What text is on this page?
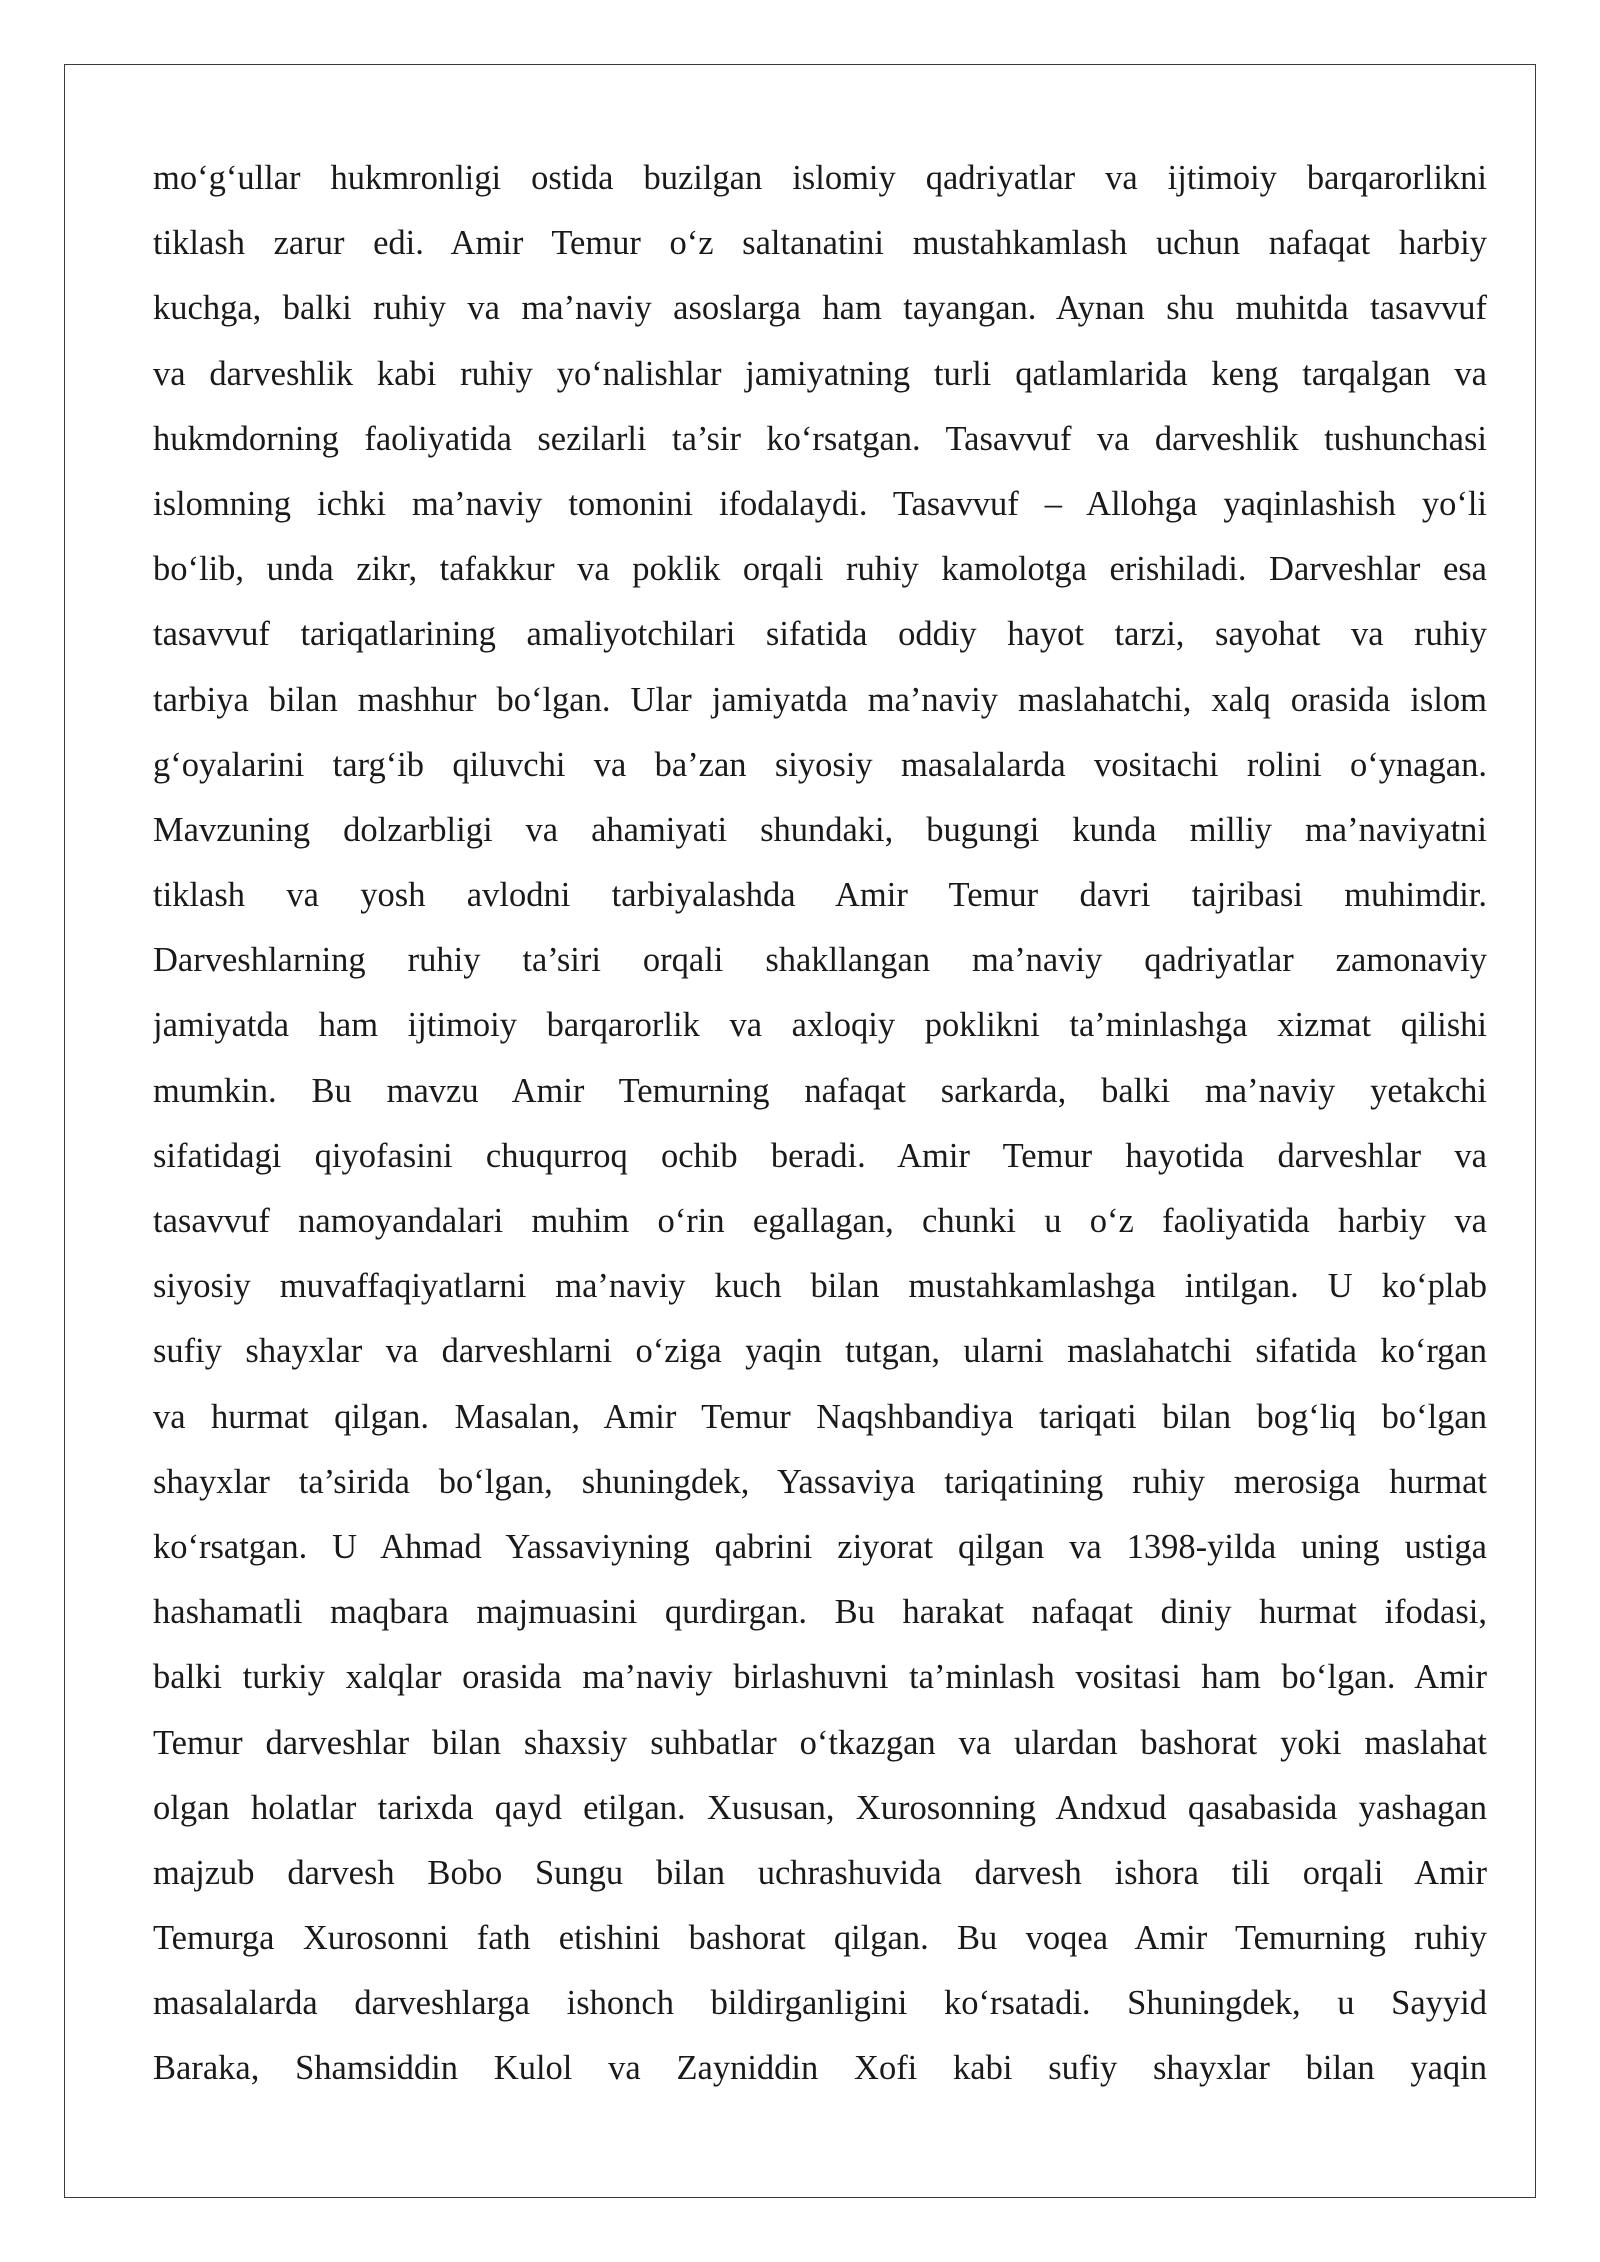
mo‘g‘ullar hukmronligi ostida buzilgan islomiy qadriyatlar va ijtimoiy barqarorlikni
tiklash zarur edi. Amir Temur o‘z saltanatini mustahkamlash uchun nafaqat harbiy
kuchga, balki ruhiy va ma’naviy asoslarga ham tayangan. Aynan shu muhitda tasavvuf
va darveshlik kabi ruhiy yo‘nalishlar jamiyatning turli qatlamlarida keng tarqalgan va
hukmdorning faoliyatida sezilarli ta’sir ko‘rsatgan. Tasavvuf va darveshlik tushunchasi
islomning ichki ma’naviy tomonini ifodalaydi. Tasavvuf – Allohga yaqinlashish yo‘li
bo‘lib, unda zikr, tafakkur va poklik orqali ruhiy kamolotga erishiladi. Darveshlar esa
tasavvuf tariqatlarining amaliyotchilari sifatida oddiy hayot tarzi, sayohat va ruhiy
tarbiya bilan mashhur bo‘lgan. Ular jamiyatda ma’naviy maslahatchi, xalq orasida islom
g‘oyalarini targ‘ib qiluvchi va ba’zan siyosiy masalalarda vositachi rolini o‘ynagan.
Mavzuning dolzarbligi va ahamiyati shundaki, bugungi kunda milliy ma’naviyatni
tiklash va yosh avlodni tarbiyalashda Amir Temur davri tajribasi muhimdir.
Darveshlarning ruhiy ta’siri orqali shakllangan ma’naviy qadriyatlar zamonaviy
jamiyatda ham ijtimoiy barqarorlik va axloqiy poklikni ta’minlashga xizmat qilishi
mumkin. Bu mavzu Amir Temurning nafaqat sarkarda, balki ma’naviy yetakchi
sifatidagi qiyofasini chuqurroq ochib beradi. Amir Temur hayotida darveshlar va
tasavvuf namoyandalari muhim o‘rin egallagan, chunki u o‘z faoliyatida harbiy va
siyosiy muvaffaqiyatlarni ma’naviy kuch bilan mustahkamlashga intilgan. U ko‘plab
sufiy shayxlar va darveshlarni o‘ziga yaqin tutgan, ularni maslahatchi sifatida ko‘rgan
va hurmat qilgan. Masalan, Amir Temur Naqshbandiya tariqati bilan bog‘liq bo‘lgan
shayxlar ta’sirida bo‘lgan, shuningdek, Yassaviya tariqatining ruhiy merosiga hurmat
ko‘rsatgan. U Ahmad Yassaviyning qabrini ziyorat qilgan va 1398-yilda uning ustiga
hashamatli maqbara majmuasini qurdirgan. Bu harakat nafaqat diniy hurmat ifodasi,
balki turkiy xalqlar orasida ma’naviy birlashuvni ta’minlash vositasi ham bo‘lgan. Amir
Temur darveshlar bilan shaxsiy suhbatlar o‘tkazgan va ulardan bashorat yoki maslahat
olgan holatlar tarixda qayd etilgan. Xususan, Xurosonning Andxud qasabasida yashagan
majzub darvesh Bobo Sungu bilan uchrashuvida darvesh ishora tili orqali Amir
Temurga Xurosonni fath etishini bashorat qilgan. Bu voqea Amir Temurning ruhiy
masalalarda darveshlarga ishonch bildirganligini ko‘rsatadi. Shuningdek, u Sayyid
Baraka, Shamsiddin Kulol va Zayniddin Xofi kabi sufiy shayxlar bilan yaqin
